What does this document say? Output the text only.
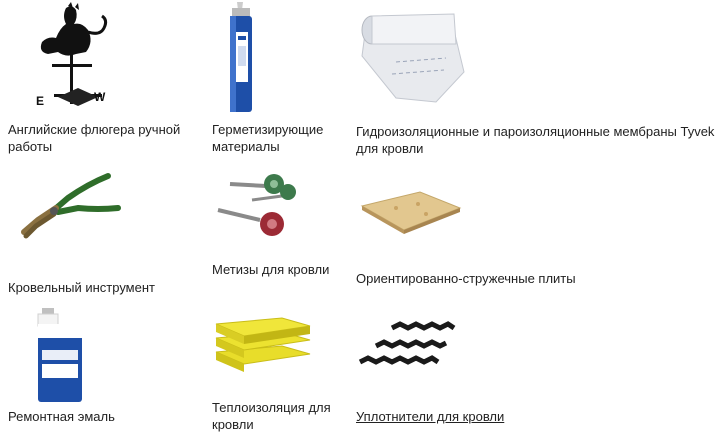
E	W
Английские флюгера ручной работы
Герметизирующие материалы
Гидроизоляционные и пароизоляционные мембраны Tyvek для кровли
Кровельный инструмент
Метизы для кровли
Ориентированно-стружечные плиты
Ремонтная эмаль
Теплоизоляция для кровли
Уплотнители для кровли
